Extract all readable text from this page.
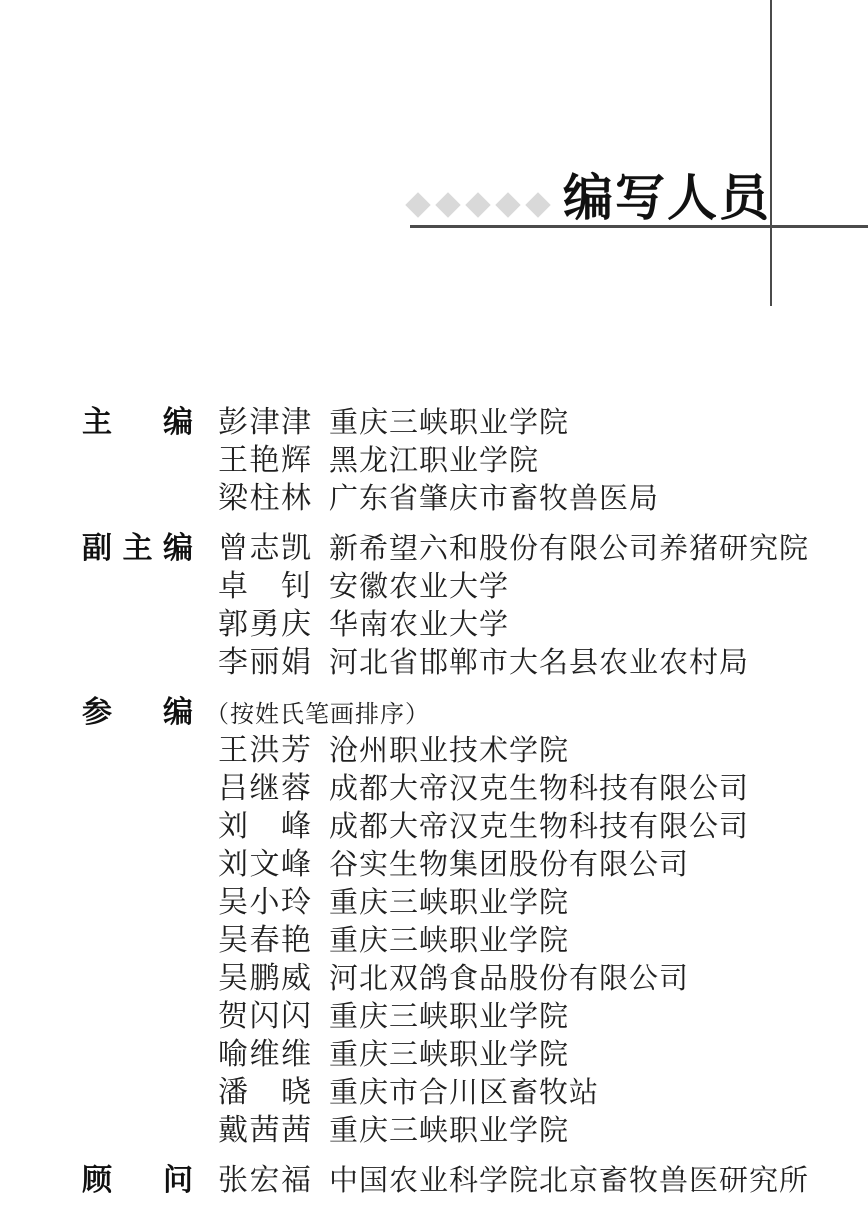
编写人员
主 编 彭 津 津 重庆三峡职业学院
王 艳 辉 黑龙江职业学院
梁 柱 林 广东省肇庆市畜牧兽医局
副 主 编 曾 志 凯 新希望六和股份有限公司养猪研究院
卓 钊 安徽农业大学
郭 勇 庆 华南农业大学
李 丽 娟 河北省邯郸市大名县农业农村局
参 编 （按姓氏笔画排序）
王 洪 芳 沧州职业技术学院
吕 继 蓉 成都大帝汉克生物科技有限公司
刘 峰 成都大帝汉克生物科技有限公司
刘 文 峰 谷实生物集团股份有限公司
吴 小 玲 重庆三峡职业学院
吴 春 艳 重庆三峡职业学院
吴 鹏 威 河北双鸽食品股份有限公司
贺 闪 闪 重庆三峡职业学院
喻 维 维 重庆三峡职业学院
潘 晓 重庆市合川区畜牧站
戴 茜 茜 重庆三峡职业学院
顾 问 张 宏 福 中国农业科学院北京畜牧兽医研究所
